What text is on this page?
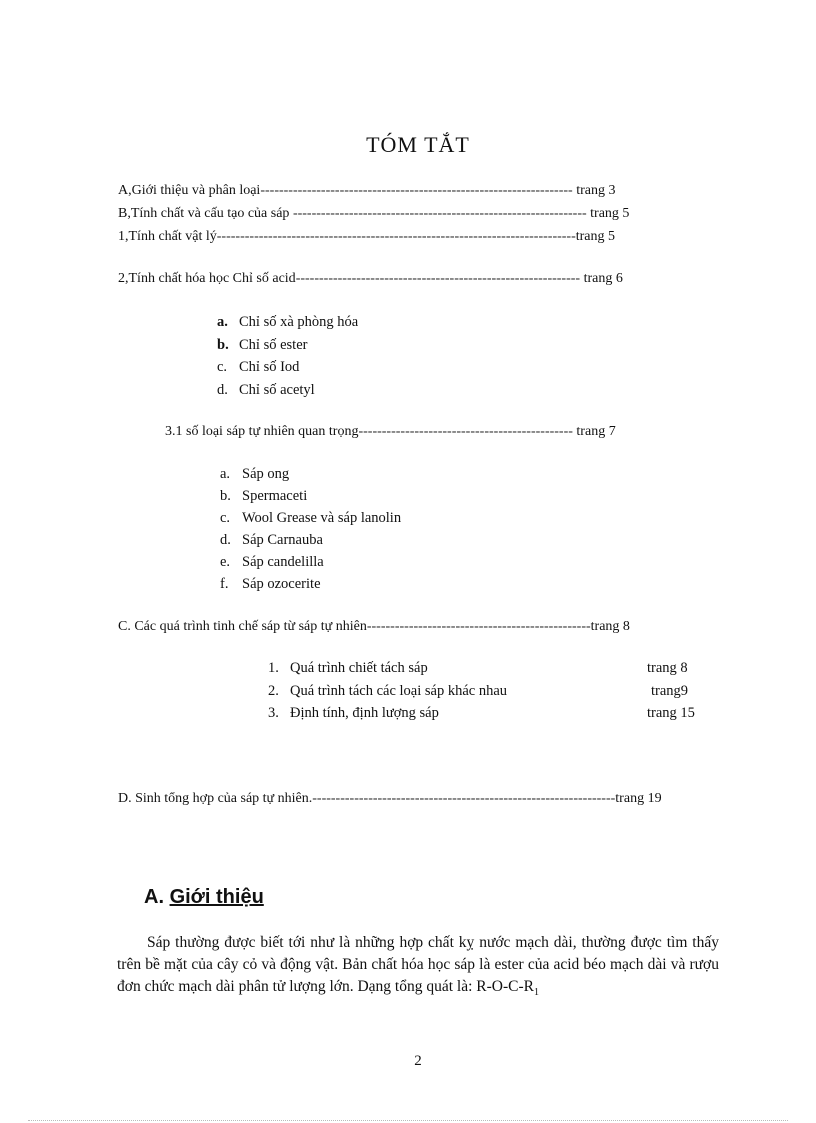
TÓM TẮT
A,Giới thiệu và phân loại------------------------------------------------------------------- trang 3
B,Tính chất và cấu tạo của sáp --------------------------------------------------------------- trang 5
1,Tính chất vật lý-----------------------------------------------------------------------------trang 5
2,Tính chất hóa học Chỉ số acid------------------------------------------------------------- trang 6
a. Chỉ số xà phòng hóa
b. Chỉ số ester
c. Chỉ số Iod
d. Chỉ số acetyl
3.1 số loại sáp tự nhiên quan trọng---------------------------------------------- trang 7
a. Sáp ong
b. Spermaceti
c. Wool Grease và sáp lanolin
d. Sáp Carnauba
e. Sáp candelilla
f. Sáp ozocerite
C. Các quá trình tinh chế sáp từ sáp tự nhiên------------------------------------------------trang 8
1. Quá trình chiết tách sáp	trang 8
2. Quá trình tách các loại sáp khác nhau	trang9
3. Định tính, định lượng sáp	trang 15
D. Sinh tổng hợp của sáp tự nhiên.-----------------------------------------------------------------trang 19
A. Giới thiệu
Sáp thường được biết tới như là những hợp chất kỵ nước mạch dài, thường được tìm thấy trên bề mặt của cây cỏ và động vật. Bản chất hóa học sáp là ester của acid béo mạch dài và rượu đơn chức mạch dài phân tử lượng lớn. Dạng tổng quát là: $R-O-C-R_1$
2
